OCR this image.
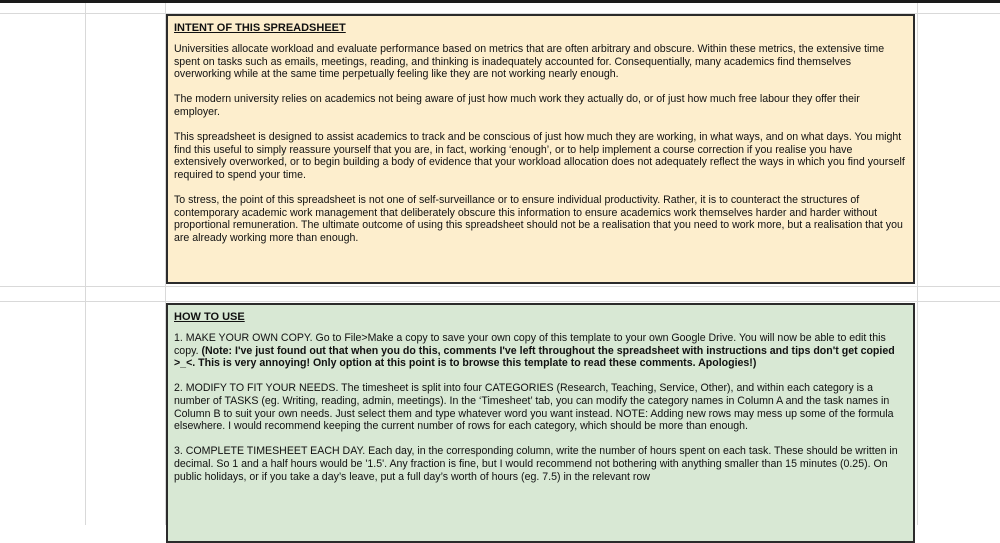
INTENT OF THIS SPREADSHEET

Universities allocate workload and evaluate performance based on metrics that are often arbitrary and obscure. Within these metrics, the extensive time spent on tasks such as emails, meetings, reading, and thinking is inadequately accounted for. Consequentially, many academics find themselves overworking while at the same time perpetually feeling like they are not working nearly enough.

The modern university relies on academics not being aware of just how much work they actually do, or of just how much free labour they offer their employer.

This spreadsheet is designed to assist academics to track and be conscious of just how much they are working, in what ways, and on what days. You might find this useful to simply reassure yourself that you are, in fact, working ‘enough’, or to help implement a course correction if you realise you have extensively overworked, or to begin building a body of evidence that your workload allocation does not adequately reflect the ways in which you find yourself required to spend your time.

To stress, the point of this spreadsheet is not one of self-surveillance or to ensure individual productivity. Rather, it is to counteract the structures of contemporary academic work management that deliberately obscure this information to ensure academics work themselves harder and harder without proportional remuneration. The ultimate outcome of using this spreadsheet should not be a realisation that you need to work more, but a realisation that you are already working more than enough.

HOW TO USE

1. MAKE YOUR OWN COPY. Go to File>Make a copy to save your own copy of this template to your own Google Drive. You will now be able to edit this copy. (Note: I've just found out that when you do this, comments I've left throughout the spreadsheet with instructions and tips don't get copied >_<. This is very annoying! Only option at this point is to browse this template to read these comments. Apologies!)

2. MODIFY TO FIT YOUR NEEDS. The timesheet is split into four CATEGORIES (Research, Teaching, Service, Other), and within each category is a number of TASKS (eg. Writing, reading, admin, meetings). In the ‘Timesheet’ tab, you can modify the category names in Column A and the task names in Column B to suit your own needs. Just select them and type whatever word you want instead. NOTE: Adding new rows may mess up some of the formula elsewhere. I would recommend keeping the current number of rows for each category, which should be more than enough.

3. COMPLETE TIMESHEET EACH DAY. Each day, in the corresponding column, write the number of hours spent on each task. These should be written in decimal. So 1 and a half hours would be '1.5'. Any fraction is fine, but I would recommend not bothering with anything smaller than 15 minutes (0.25). On public holidays, or if you take a day’s leave, put a full day’s worth of hours (eg. 7.5) in the relevant row
